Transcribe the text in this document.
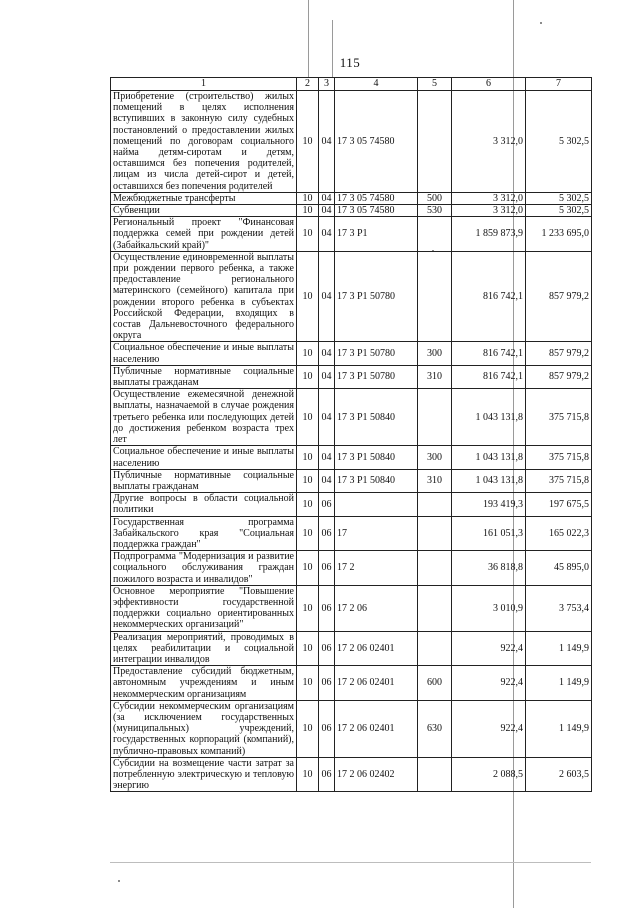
115
1	2	3	4	5	6	7
Приобретение (строительство) жилых помещений в целях исполнения вступивших в законную силу судебных постановлений о предоставлении жилых помещений по договорам социального найма детям-сиротам и детям, оставшимся без попечения родителей, лицам из числа детей-сирот и детей, оставшихся без попечения родителей	10	04	17 3 05 74580		3 312,0	5 302,5
Межбюджетные трансферты	10	04	17 3 05 74580	500	3 312,0	5 302,5
Субвенции	10	04	17 3 05 74580	530	3 312,0	5 302,5
Региональный проект "Финансовая поддержка семей при рождении детей (Забайкальский край)"	10	04	17 3 P1		1 859 873,9	1 233 695,0
Осуществление единовременной выплаты при рождении первого ребенка, а также предоставление регионального материнского (семейного) капитала при рождении второго ребенка в субъектах Российской Федерации, входящих в состав Дальневосточного федерального округа	10	04	17 3 P1 50780		816 742,1	857 979,2
Социальное обеспечение и иные выплаты населению	10	04	17 3 P1 50780	300	816 742,1	857 979,2
Публичные нормативные социальные выплаты гражданам	10	04	17 3 P1 50780	310	816 742,1	857 979,2
Осуществление ежемесячной денежной выплаты, назначаемой в случае рождения третьего ребенка или последующих детей до достижения ребенком возраста трех лет	10	04	17 3 P1 50840		1 043 131,8	375 715,8
Социальное обеспечение и иные выплаты населению	10	04	17 3 P1 50840	300	1 043 131,8	375 715,8
Публичные нормативные социальные выплаты гражданам	10	04	17 3 P1 50840	310	1 043 131,8	375 715,8
Другие вопросы в области социальной политики	10	06			193 419,3	197 675,5
Государственная программа Забайкальского края "Социальная поддержка граждан"	10	06	17		161 051,3	165 022,3
Подпрограмма "Модернизация и развитие социального обслуживания граждан пожилого возраста и инвалидов"	10	06	17 2		36 818,8	45 895,0
Основное мероприятие "Повышение эффективности государственной поддержки социально ориентированных некоммерческих организаций"	10	06	17 2 06		3 010,9	3 753,4
Реализация мероприятий, проводимых в целях реабилитации и социальной интеграции инвалидов	10	06	17 2 06 02401		922,4	1 149,9
Предоставление субсидий бюджетным, автономным учреждениям и иным некоммерческим организациям	10	06	17 2 06 02401	600	922,4	1 149,9
Субсидии некоммерческим организациям (за исключением государственных (муниципальных) учреждений, государственных корпораций (компаний), публично-правовых компаний)	10	06	17 2 06 02401	630	922,4	1 149,9
Субсидии на возмещение части затрат за потребленную электрическую и тепловую энергию	10	06	17 2 06 02402		2 088,5	2 603,5
